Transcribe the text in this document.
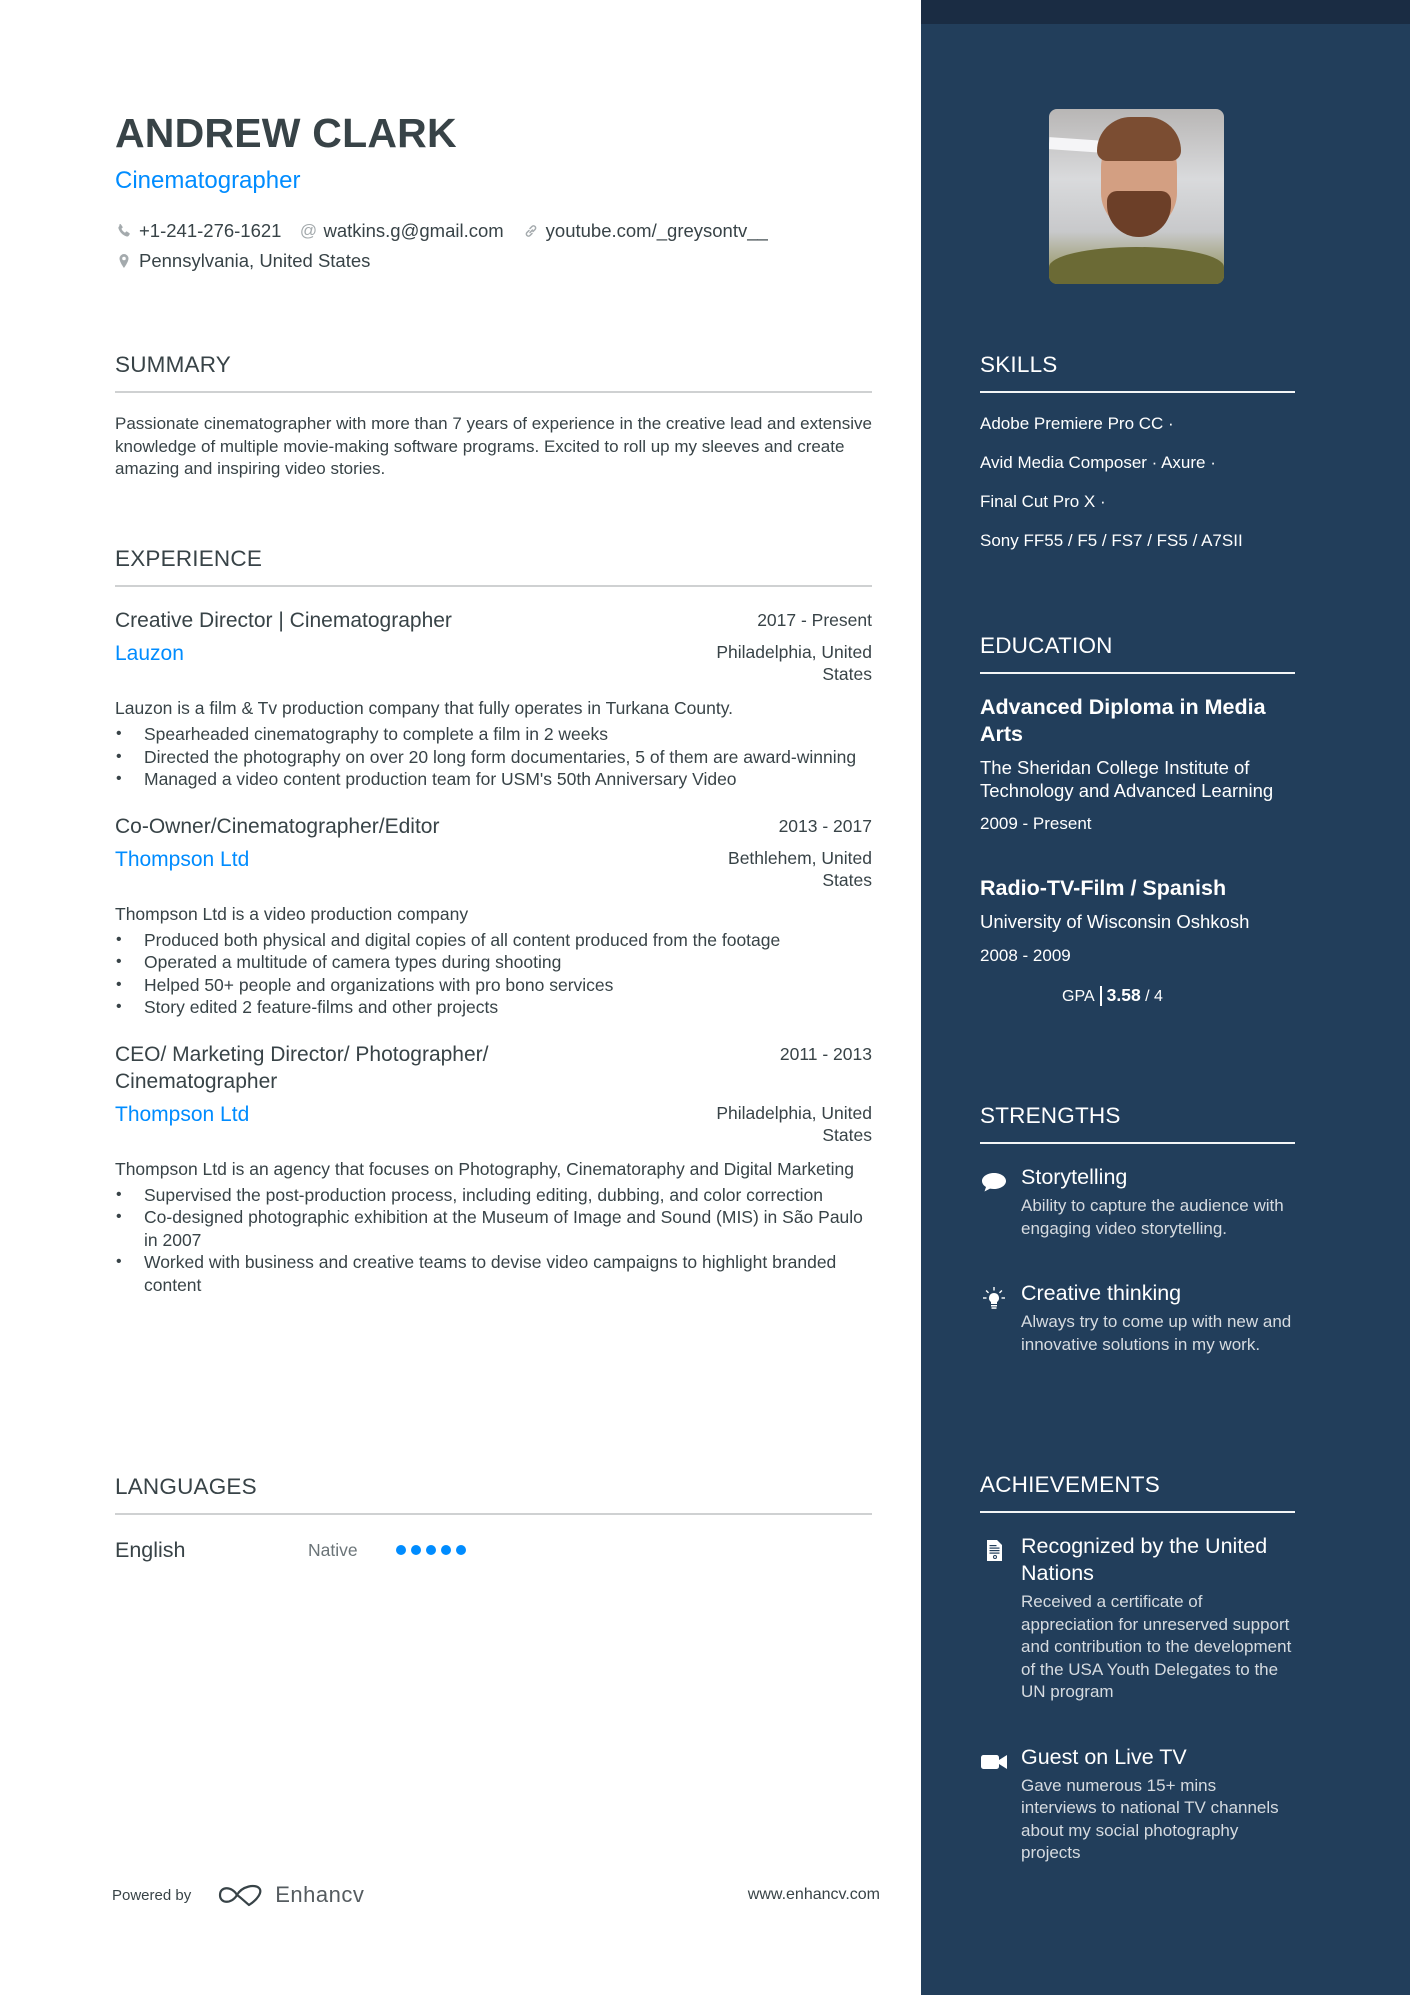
ANDREW CLARK
Cinematographer
+1-241-276-1621 @ watkins.g@gmail.com youtube.com/_greysontv__
Pennsylvania, United States
SUMMARY

Passionate cinematographer with more than 7 years of experience in the creative lead and extensive knowledge of multiple movie-making software programs. Excited to roll up my sleeves and create amazing and inspiring video stories.

EXPERIENCE
Creative Director | Cinematographer	2017 - Present
Lauzon	Philadelphia, United States
Lauzon is a film & Tv production company that fully operates in Turkana County.
• Spearheaded cinematography to complete a film in 2 weeks
• Directed the photography on over 20 long form documentaries, 5 of them are award-winning
• Managed a video content production team for USM's 50th Anniversary Video
Co-Owner/Cinematographer/Editor	2013 - 2017
Thompson Ltd	Bethlehem, United States
Thompson Ltd is a video production company
• Produced both physical and digital copies of all content produced from the footage
• Operated a multitude of camera types during shooting
• Helped 50+ people and organizations with pro bono services
• Story edited 2 feature-films and other projects
CEO/ Marketing Director/ Photographer/ Cinematographer
2011 - 2013
Thompson Ltd	Philadelphia, United States
Thompson Ltd is an agency that focuses on Photography, Cinematoraphy and Digital Marketing
• Supervised the post-production process, including editing, dubbing, and color correction
• Co-designed photographic exhibition at the Museum of Image and Sound (MIS) in São Paulo in 2007
• Worked with business and creative teams to devise video campaigns to highlight branded content
LANGUAGES
English	Native
Powered by	Enhancv	www.enhancv.com
SKILLS
Adobe Premiere Pro CC ·
Avid Media Composer · Axure ·
Final Cut Pro X ·
Sony FF55 / F5 / FS7 / FS5 / A7SII
EDUCATION
Advanced Diploma in Media Arts
The Sheridan College Institute of Technology and Advanced Learning
2009 - Present
Radio-TV-Film / Spanish
University of Wisconsin Oshkosh
2008 - 2009
GPA 3.58 / 4
STRENGTHS
Storytelling
Ability to capture the audience with engaging video storytelling.
Creative thinking
Always try to come up with new and innovative solutions in my work.
ACHIEVEMENTS
Recognized by the United Nations
Received a certificate of appreciation for unreserved support and contribution to the development of the USA Youth Delegates to the UN program
Guest on Live TV
Gave numerous 15+ mins interviews to national TV channels about my social photography projects
